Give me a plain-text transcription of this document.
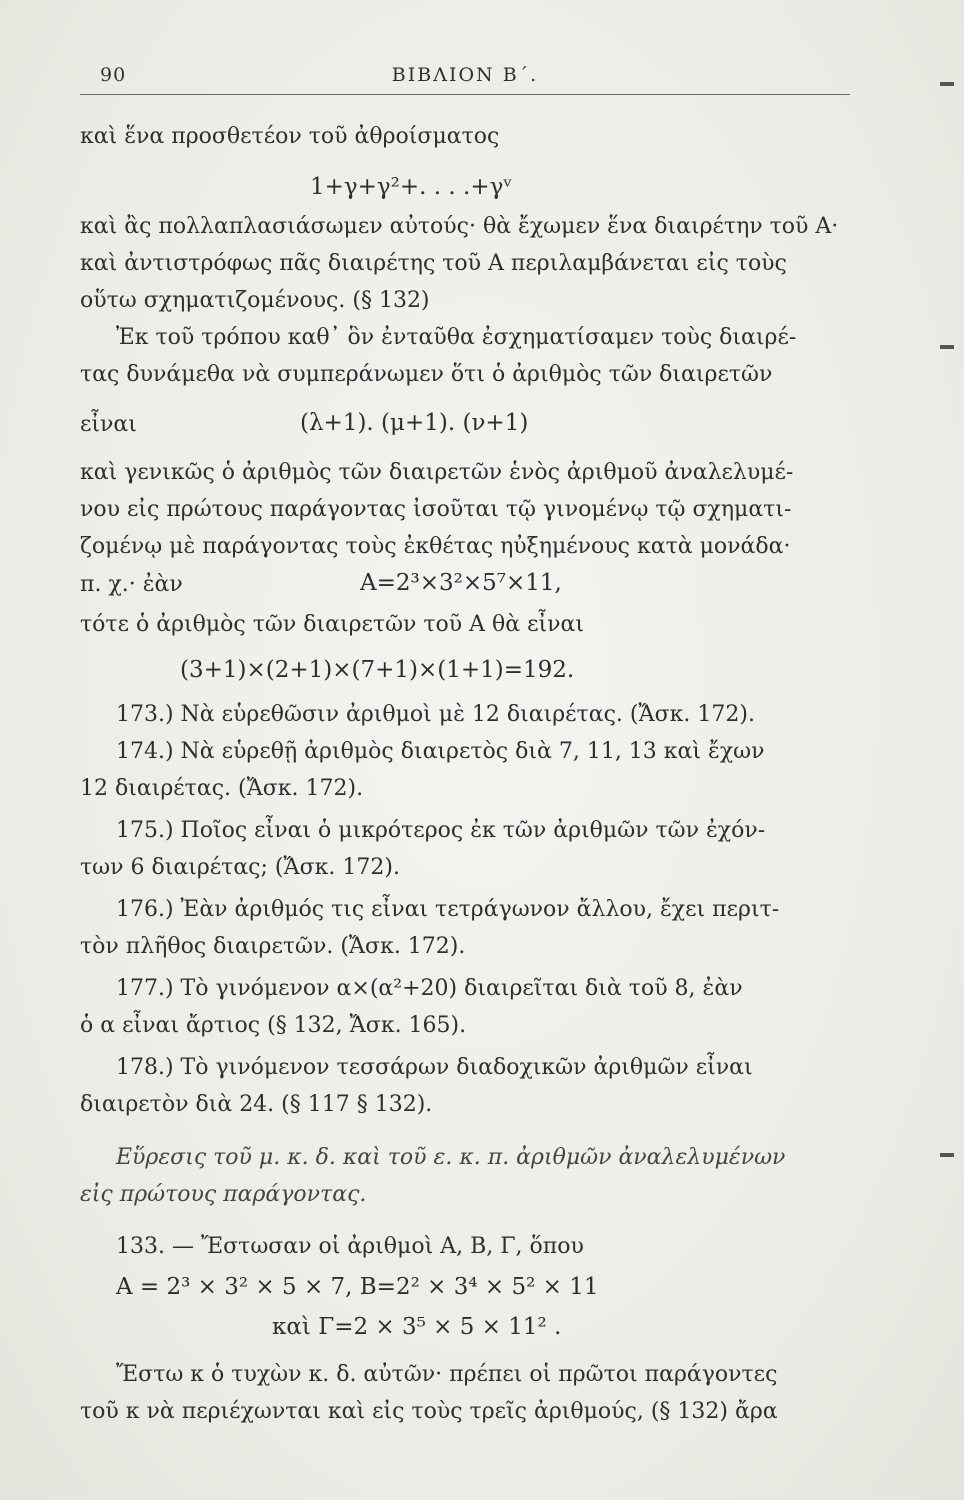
90	ΒΙΒΛΙΟΝ Β΄.
καὶ ἕνα προσθετέον τοῦ ἀθροίσματος
1+γ+γ²+. . . .+γᵛ
καὶ ἂς πολλαπλασιάσωμεν αὐτούς· θὰ ἔχωμεν ἕνα διαιρέτην τοῦ Α·
καὶ ἀντιστρόφως πᾶς διαιρέτης τοῦ Α περιλαμβάνεται εἰς τοὺς
οὕτω σχηματιζομένους. (§ 132)
Ἐκ τοῦ τρόπου καθ᾽ ὃν ἐνταῦθα ἐσχηματίσαμεν τοὺς διαιρέ-
τας δυνάμεθα νὰ συμπεράνωμεν ὅτι ὁ ἀριθμὸς τῶν διαιρετῶν
εἶναι	(λ+1). (μ+1). (ν+1)
καὶ γενικῶς ὁ ἀριθμὸς τῶν διαιρετῶν ἑνὸς ἀριθμοῦ ἀναλελυμέ-
νου εἰς πρώτους παράγοντας ἰσοῦται τῷ γινομένῳ τῷ σχηματι-
ζομένῳ μὲ παράγοντας τοὺς ἐκθέτας ηὐξημένους κατὰ μονάδα·
π. χ.· ἐὰν	Α=2³×3²×5⁷×11,
τότε ὁ ἀριθμὸς τῶν διαιρετῶν τοῦ Α θὰ εἶναι
(3+1)×(2+1)×(7+1)×(1+1)=192.
173.) Νὰ εὑρεθῶσιν ἀριθμοὶ μὲ 12 διαιρέτας. (Ἄσκ. 172).
174.) Νὰ εὑρεθῇ ἀριθμὸς διαιρετὸς διὰ 7, 11, 13 καὶ ἔχων
12 διαιρέτας. (Ἄσκ. 172).
175.) Ποῖος εἶναι ὁ μικρότερος ἐκ τῶν ἀριθμῶν τῶν ἐχόν-
των 6 διαιρέτας; (Ἄσκ. 172).
176.) Ἐὰν ἀριθμός τις εἶναι τετράγωνον ἄλλου, ἔχει περιτ-
τὸν πλῆθος διαιρετῶν. (Ἄσκ. 172).
177.) Τὸ γινόμενον α×(α²+20) διαιρεῖται διὰ τοῦ 8, ἐὰν
ὁ α εἶναι ἄρτιος (§ 132, Ἄσκ. 165).
178.) Τὸ γινόμενον τεσσάρων διαδοχικῶν ἀριθμῶν εἶναι
διαιρετὸν διὰ 24. (§ 117 § 132).
Εὕρεσις τοῦ μ. κ. δ. καὶ τοῦ ε. κ. π. ἀριθμῶν ἀναλελυμένων
εἰς πρώτους παράγοντας.
133. — Ἔστωσαν οἱ ἀριθμοὶ Α, Β, Γ, ὅπου
Α = 2³ × 3² × 5 × 7, Β=2² × 3⁴ × 5² × 11
καὶ Γ=2 × 3⁵ × 5 × 11² .
Ἔστω κ ὁ τυχὼν κ. δ. αὐτῶν· πρέπει οἱ πρῶτοι παράγοντες
τοῦ κ νὰ περιέχωνται καὶ εἰς τοὺς τρεῖς ἀριθμούς, (§ 132) ἄρα
